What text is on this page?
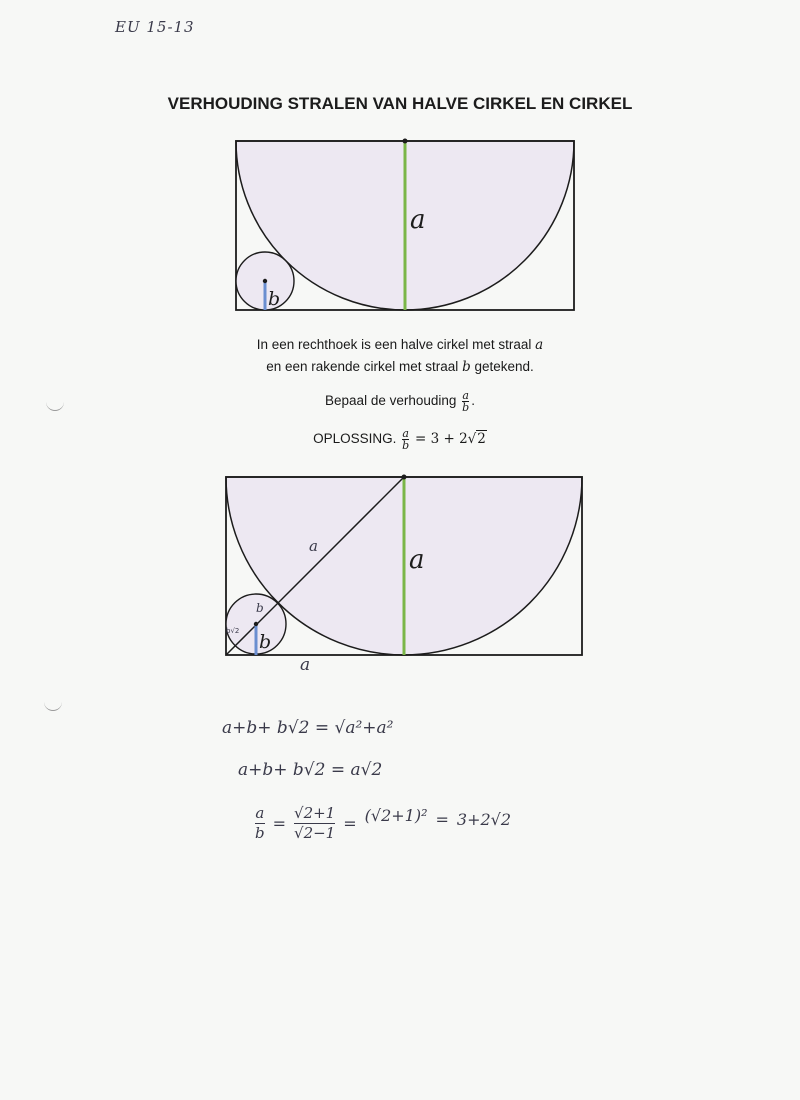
EU 15-13
VERHOUDING STRALEN VAN HALVE CIRKEL EN CIRKEL
a
b
a
b
a
a
b
b√2
In een rechthoek is een halve cirkel met straal a
en een rakende cirkel met straal b getekend.
Bepaal de verhouding $\frac{a}{b}$ .
OPLOSSING. $\frac{a}{b} = 3 + 2√2$
a+b+ b√2 = √a²+a²
a+b+ b√2 = a√2
a
b =
√2+1
√2−1 = (√2+1)² = 3+2√2
